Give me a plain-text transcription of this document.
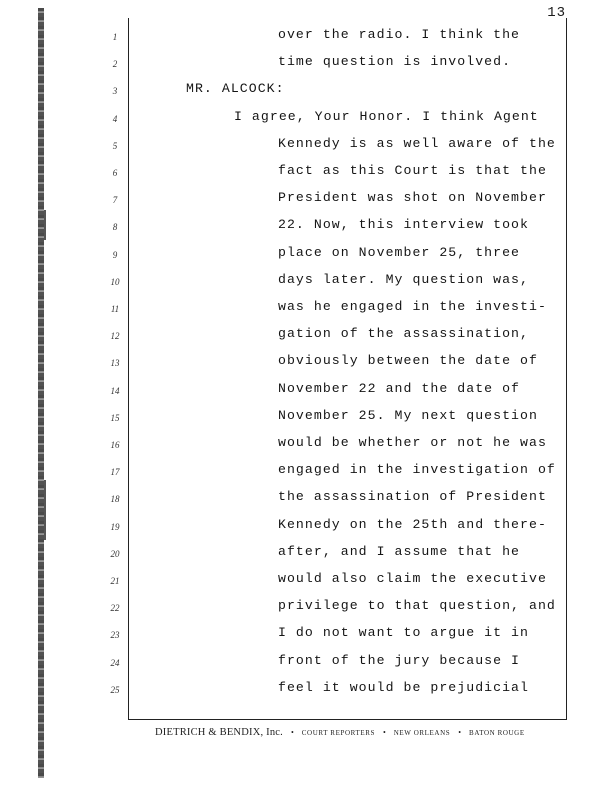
13
1
2
3
4
5
6
7
8
9
10
11
12
13
14
15
16
17
18
19
20
21
22
23
24
25
over the radio. I think the
time question is involved.
MR. ALCOCK:
I agree, Your Honor. I think Agent
Kennedy is as well aware of the
fact as this Court is that the
President was shot on November
22. Now, this interview took
place on November 25, three
days later. My question was,
was he engaged in the investi-
gation of the assassination,
obviously between the date of
November 22 and the date of
November 25. My next question
would be whether or not he was
engaged in the investigation of
the assassination of President
Kennedy on the 25th and there-
after, and I assume that he
would also claim the executive
privilege to that question, and
I do not want to argue it in
front of the jury because I
feel it would be prejudicial
DIETRICH & BENDIX, Inc. • COURT REPORTERS • NEW ORLEANS • BATON ROUGE
